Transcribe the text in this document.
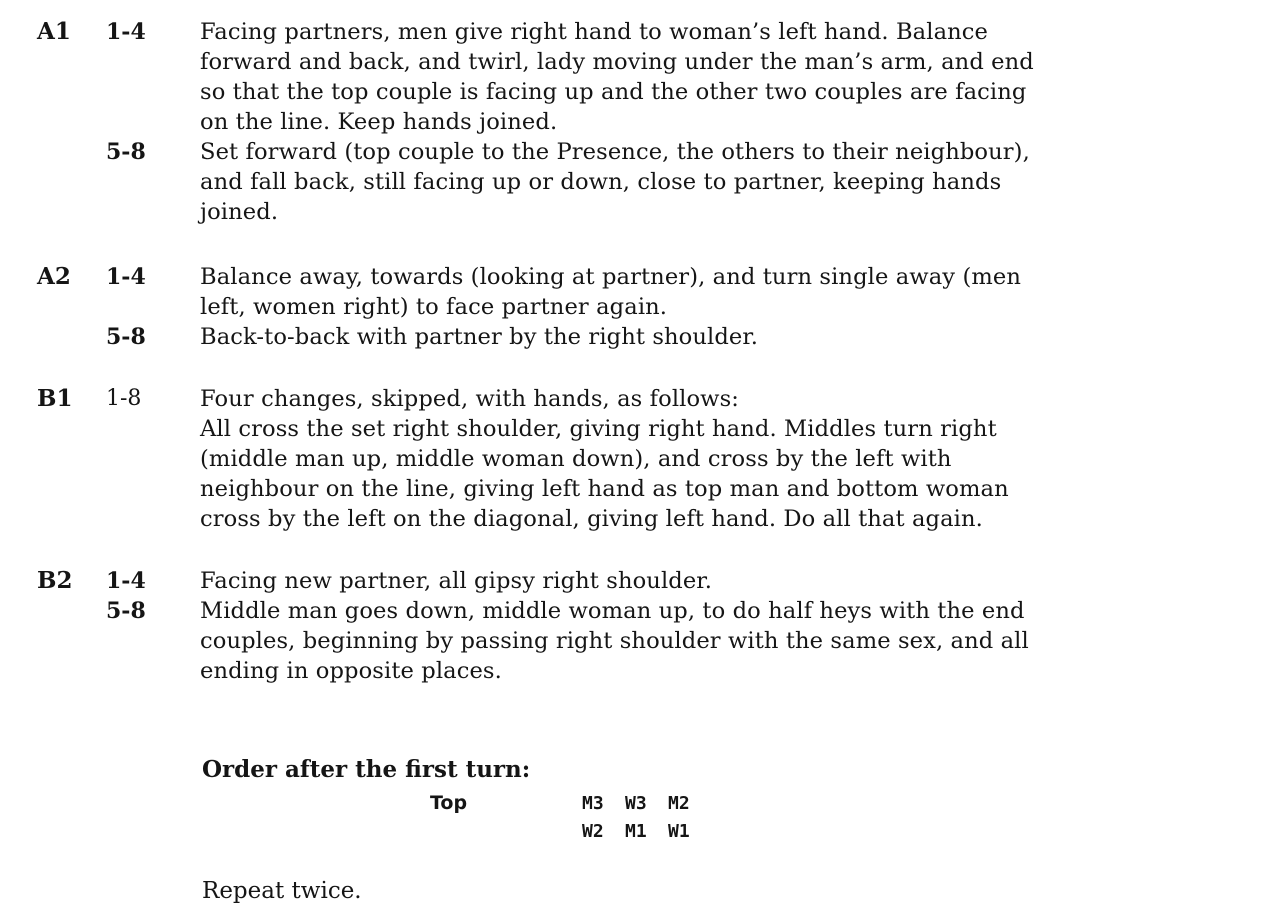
A1 1-4	Facing partners, men give right hand to woman’s left hand. Balance
forward and back, and twirl, lady moving under the man’s arm, and end
so that the top couple is facing up and the other two couples are facing
on the line. Keep hands joined.
5-8	Set forward (top couple to the Presence, the others to their neighbour),
and fall back, still facing up or down, close to partner, keeping hands
joined.
A2 1-4	Balance away, towards (looking at partner), and turn single away (men
left, women right) to face partner again.
5-8	Back-to-back with partner by the right shoulder.
B1 1-8	Four changes, skipped, with hands, as follows:
All cross the set right shoulder, giving right hand. Middles turn right
(middle man up, middle woman down), and cross by the left with
neighbour on the line, giving left hand as top man and bottom woman
cross by the left on the diagonal, giving left hand. Do all that again.
B2 1-4	Facing new partner, all gipsy right shoulder.
5-8	Middle man goes down, middle woman up, to do half heys with the end
couples, beginning by passing right shoulder with the same sex, and all
ending in opposite places.
Order after the first turn:
Top	M3 W3 M2
W2 M1 W1
Repeat twice.
